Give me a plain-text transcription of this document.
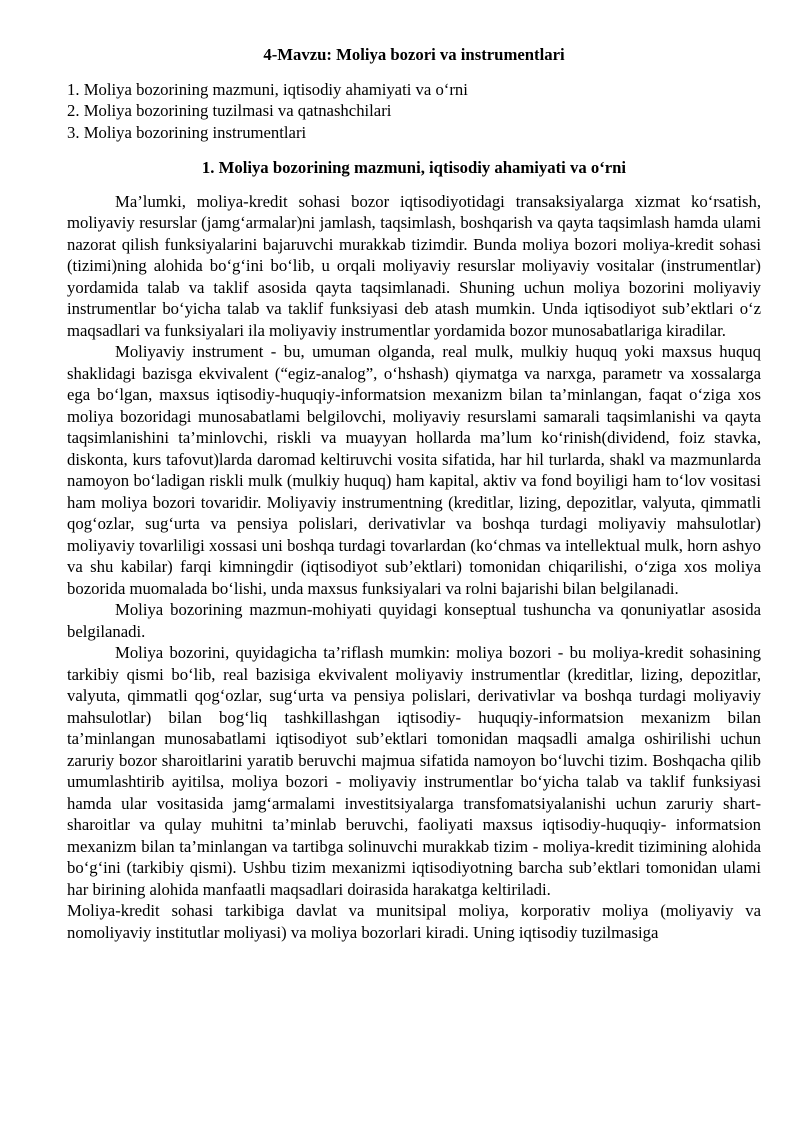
4-Mavzu: Moliya bozori va instrumentlari
1. Moliya bozorining mazmuni, iqtisodiy ahamiyati va o‘rni
2. Moliya bozorining tuzilmasi va qatnashchilari
3. Moliya bozorining instrumentlari
1. Moliya bozorining mazmuni, iqtisodiy ahamiyati va o‘rni

Ma’lumki, moliya-kredit sohasi bozor iqtisodiyotidagi transaksiyalarga xizmat ko‘rsatish, moliyaviy resurslar (jamg‘armalar)ni jamlash, taqsimlash, boshqarish va qayta taqsimlash hamda ulami nazorat qilish funksiyalarini bajaruvchi murakkab tizimdir. Bunda moliya bozori moliya-kredit sohasi (tizimi)ning alohida bo‘g‘ini bo‘lib, u orqali moliyaviy resurslar moliyaviy vositalar (instrumentlar) yordamida talab va taklif asosida qayta taqsimlanadi. Shuning uchun moliya bozorini moliyaviy instrumentlar bo‘yicha talab va taklif funksiyasi deb atash mumkin. Unda iqtisodiyot sub’ektlari o‘z maqsadlari va funksiyalari ila moliyaviy instrumentlar yordamida bozor munosabatlariga kiradilar.

Moliyaviy instrument - bu, umuman olganda, real mulk, mulkiy huquq yoki maxsus huquq shaklidagi bazisga ekvivalent (“egiz-analog”, o‘hshash) qiymatga va narxga, parametr va xossalarga ega bo‘lgan, maxsus iqtisodiy-huquqiy-informatsion mexanizm bilan ta’minlangan, faqat o‘ziga xos moliya bozoridagi munosabatlami belgilovchi, moliyaviy resurslami samarali taqsimlanishi va qayta taqsimlanishini ta’minlovchi, riskli va muayyan hollarda ma’lum ko‘rinish(dividend, foiz stavka, diskonta, kurs tafovut)larda daromad keltiruvchi vosita sifatida, har hil turlarda, shakl va mazmunlarda namoyon bo‘ladigan riskli mulk (mulkiy huquq) ham kapital, aktiv va fond boyiligi ham to‘lov vositasi ham moliya bozori tovaridir. Moliyaviy instrumentning (kreditlar, lizing, depozitlar, valyuta, qimmatli qog‘ozlar, sug‘urta va pensiya polislari, derivativlar va boshqa turdagi moliyaviy mahsulotlar) moliyaviy tovarliligi xossasi uni boshqa turdagi tovarlardan (ko‘chmas va intellektual mulk, horn ashyo va shu kabilar) farqi kimningdir (iqtisodiyot sub’ektlari) tomonidan chiqarilishi, o‘ziga xos moliya bozorida muomalada bo‘lishi, unda maxsus funksiyalari va rolni bajarishi bilan belgilanadi.

Moliya bozorining mazmun-mohiyati quyidagi konseptual tushuncha va qonuniyatlar asosida belgilanadi.

Moliya bozorini, quyidagicha ta’riflash mumkin: moliya bozori - bu moliya-kredit sohasining tarkibiy qismi bo‘lib, real bazisiga ekvivalent moliyaviy instrumentlar (kreditlar, lizing, depozitlar, valyuta, qimmatli qog‘ozlar, sug‘urta va pensiya polislari, derivativlar va boshqa turdagi moliyaviy mahsulotlar) bilan bog‘liq tashkillashgan iqtisodiy- huquqiy-informatsion mexanizm bilan ta’minlangan munosabatlami iqtisodiyot sub’ektlari tomonidan maqsadli amalga oshirilishi uchun zaruriy bozor sharoitlarini yaratib beruvchi majmua sifatida namoyon bo‘luvchi tizim. Boshqacha qilib umumlashtirib ayitilsa, moliya bozori - moliyaviy instrumentlar bo‘yicha talab va taklif funksiyasi hamda ular vositasida jamg‘armalami investitsiyalarga transfomatsiyalanishi uchun zaruriy shart-sharoitlar va qulay muhitni ta’minlab beruvchi, faoliyati maxsus iqtisodiy-huquqiy- informatsion mexanizm bilan ta’minlangan va tartibga solinuvchi murakkab tizim - moliya-kredit tizimining alohida bo‘g‘ini (tarkibiy qismi). Ushbu tizim mexanizmi iqtisodiyotning barcha sub’ektlari tomonidan ulami har birining alohida manfaatli maqsadlari doirasida harakatga keltiriladi.

Moliya-kredit sohasi tarkibiga davlat va munitsipal moliya, korporativ moliya (moliyaviy va nomoliyaviy institutlar moliyasi) va moliya bozorlari kiradi. Uning iqtisodiy tuzilmasiga
